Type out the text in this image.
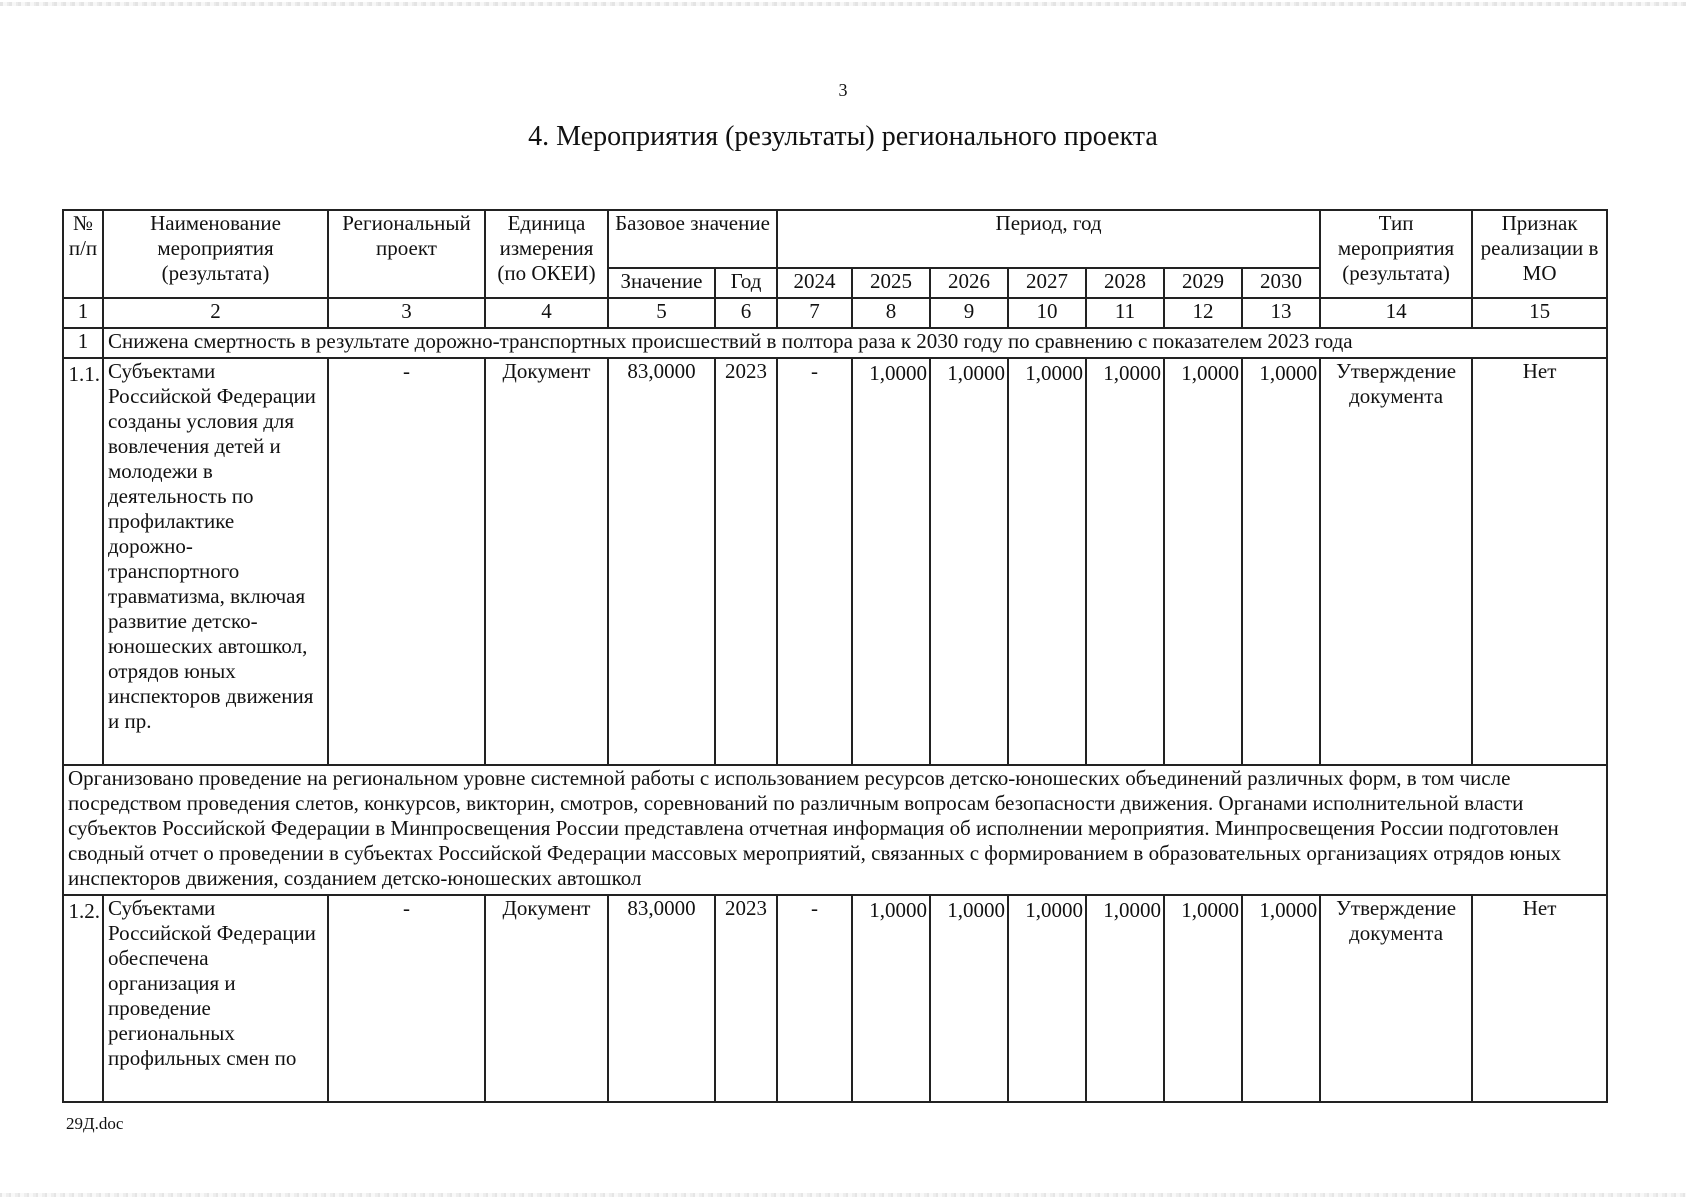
3
4. Мероприятия (результаты) регионального проекта
№ п/п	Наименование мероприятия (результата)	Региональный проект	Единица измерения (по ОКЕИ)	Базовое значение		Период, год							Тип мероприятия (результата)	Признак реализации в МО
				Значение	Год	2024	2025	2026	2027	2028	2029	2030		
1	2	3	4	5	6	7	8	9	10	11	12	13	14	15
1	Снижена смертность в результате дорожно-транспортных происшествий в полтора раза к 2030 году по сравнению с показателем 2023 года													
1.1.	Субъектами Российской Федерации созданы условия для вовлечения детей и молодежи в деятельность по профилактике дорожно-транспортного травматизма, включая развитие детско-юношеских автошкол, отрядов юных инспекторов движения и пр.	-	Документ	83,0000	2023	-	1,0000	1,0000	1,0000	1,0000	1,0000	1,0000	Утверждение документа	Нет
Организовано проведение на региональном уровне системной работы с использованием ресурсов детско-юношеских объединений различных форм, в том числе посредством проведения слетов, конкурсов, викторин, смотров, соревнований по различным вопросам безопасности движения. Органами исполнительной власти субъектов Российской Федерации в Минпросвещения России представлена отчетная информация об исполнении мероприятия. Минпросвещения России подготовлен сводный отчет о проведении в субъектах Российской Федерации массовых мероприятий, связанных с формированием в образовательных организациях отрядов юных инспекторов движения, созданием детско-юношеских автошкол														
1.2.	Субъектами Российской Федерации обеспечена организация и проведение региональных профильных смен по	-	Документ	83,0000	2023	-	1,0000	1,0000	1,0000	1,0000	1,0000	1,0000	Утверждение документа	Нет
29Д.doc
